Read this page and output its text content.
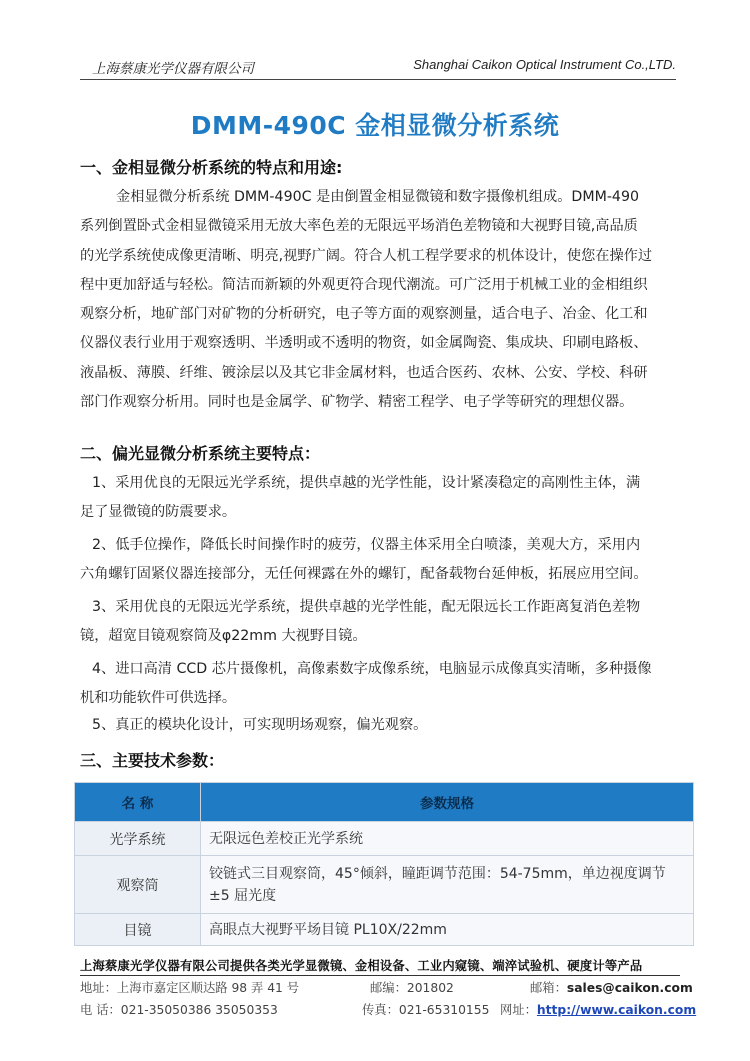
上海蔡康光学仪器有限公司	Shanghai Caikon Optical Instrument Co.,LTD.
DMM-490C 金相显微分析系统
一、金相显微分析系统的特点和用途:
金相显微分析系统 DMM-490C 是由倒置金相显微镜和数字摄像机组成。DMM-490
系列倒置卧式金相显微镜采用无放大率色差的无限远平场消色差物镜和大视野目镜,高品质
的光学系统使成像更清晰、明亮,视野广阔。符合人机工程学要求的机体设计，使您在操作过
程中更加舒适与轻松。简洁而新颖的外观更符合现代潮流。可广泛用于机械工业的金相组织
观察分析，地矿部门对矿物的分析研究，电子等方面的观察测量，适合电子、冶金、化工和
仪器仪表行业用于观察透明、半透明或不透明的物资，如金属陶瓷、集成块、印刷电路板、
液晶板、薄膜、纤维、镀涂层以及其它非金属材料，也适合医药、农林、公安、学校、科研
部门作观察分析用。同时也是金属学、矿物学、精密工程学、电子学等研究的理想仪器。
二、偏光显微分析系统主要特点：
1、采用优良的无限远光学系统，提供卓越的光学性能，设计紧凑稳定的高刚性主体，满
足了显微镜的防震要求。
2、低手位操作，降低长时间操作时的疲劳，仪器主体采用全白喷漆，美观大方，采用内
六角螺钉固紧仪器连接部分，无任何裸露在外的螺钉，配备载物台延伸板，拓展应用空间。
3、采用优良的无限远光学系统，提供卓越的光学性能，配无限远长工作距离复消色差物
镜，超宽目镜观察筒及φ22mm 大视野目镜。
4、进口高清 CCD 芯片摄像机，高像素数字成像系统，电脑显示成像真实清晰，多种摄像
机和功能软件可供选择。
5、真正的模块化设计，可实现明场观察，偏光观察。
三、主要技术参数：
名 称	参数规格
光学系统	无限远色差校正光学系统
观察筒	铰链式三目观察筒，45°倾斜，瞳距调节范围：54-75mm，单边视度调节
±5 屈光度

目镜	高眼点大视野平场目镜 PL10X/22mm
上海蔡康光学仪器有限公司提供各类光学显微镜、金相设备、工业内窥镜、端淬试验机、硬度计等产品
地址：上海市嘉定区顺达路 98 弄 41 号	邮编：201802	邮箱：sales@caikon.com
电 话：021-35050386 35050353	传真：021-65310155 网址：http://www.caikon.com
